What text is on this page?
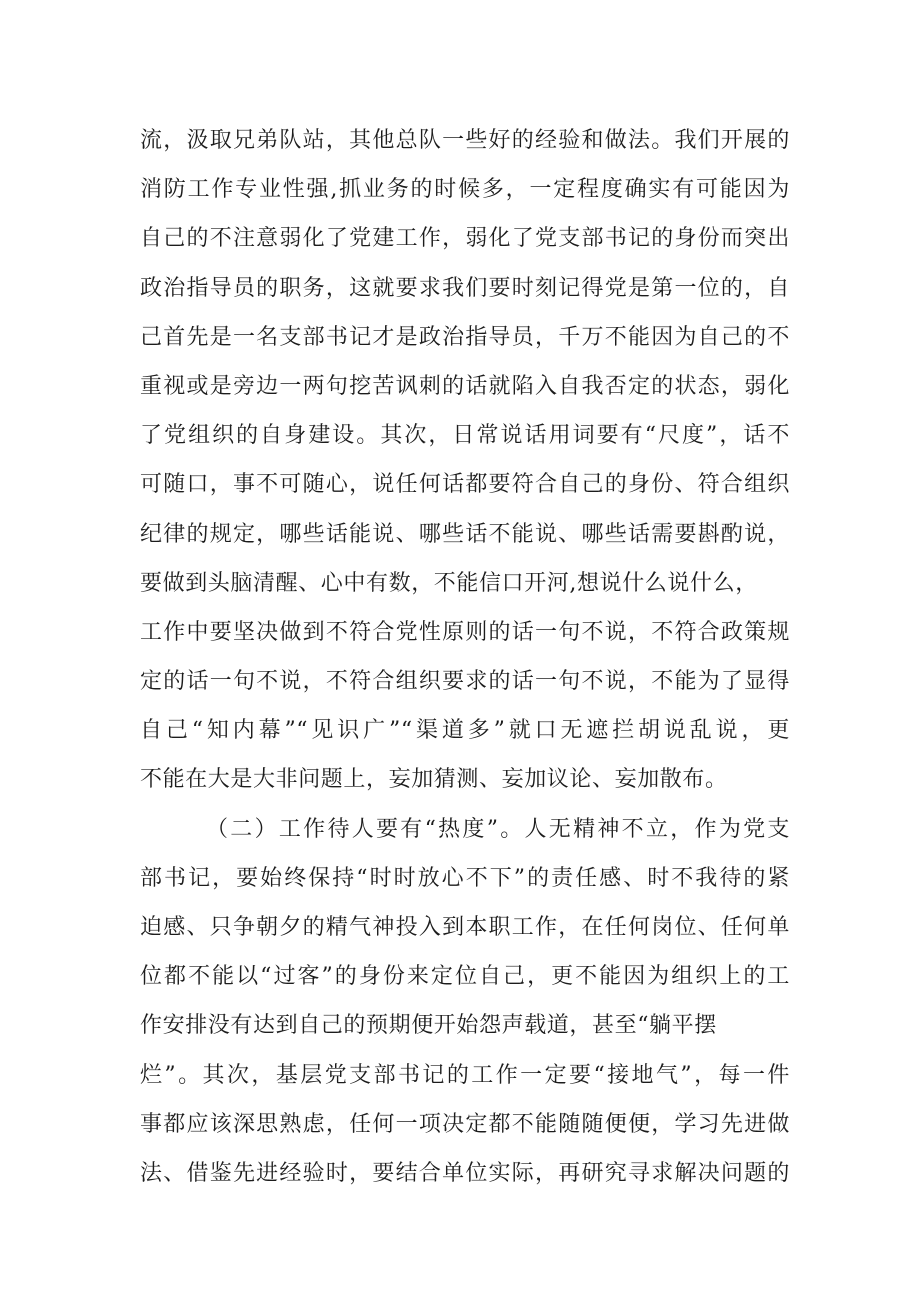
流，汲取兄弟队站，其他总队一些好的经验和做法。我们开展的
消防工作专业性强,抓业务的时候多，一定程度确实有可能因为
自己的不注意弱化了党建工作，弱化了党支部书记的身份而突出
政治指导员的职务，这就要求我们要时刻记得党是第一位的，自
己首先是一名支部书记才是政治指导员，千万不能因为自己的不
重视或是旁边一两句挖苦讽刺的话就陷入自我否定的状态，弱化
了党组织的自身建设。其次，日常说话用词要有“尺度”，话不
可随口，事不可随心，说任何话都要符合自己的身份、符合组织
纪律的规定，哪些话能说、哪些话不能说、哪些话需要斟酌说，
要做到头脑清醒、心中有数，不能信口开河,想说什么说什么，
工作中要坚决做到不符合党性原则的话一句不说，不符合政策规
定的话一句不说，不符合组织要求的话一句不说，不能为了显得
自己“知内幕”“见识广”“渠道多”就口无遮拦胡说乱说，更
不能在大是大非问题上，妄加猜测、妄加议论、妄加散布。
（二）工作待人要有“热度”。人无精神不立，作为党支
部书记，要始终保持“时时放心不下”的责任感、时不我待的紧
迫感、只争朝夕的精气神投入到本职工作，在任何岗位、任何单
位都不能以“过客”的身份来定位自己，更不能因为组织上的工
作安排没有达到自己的预期便开始怨声载道，甚至“躺平摆
烂”。其次，基层党支部书记的工作一定要“接地气”，每一件
事都应该深思熟虑，任何一项决定都不能随随便便，学习先进做
法、借鉴先进经验时，要结合单位实际，再研究寻求解决问题的
